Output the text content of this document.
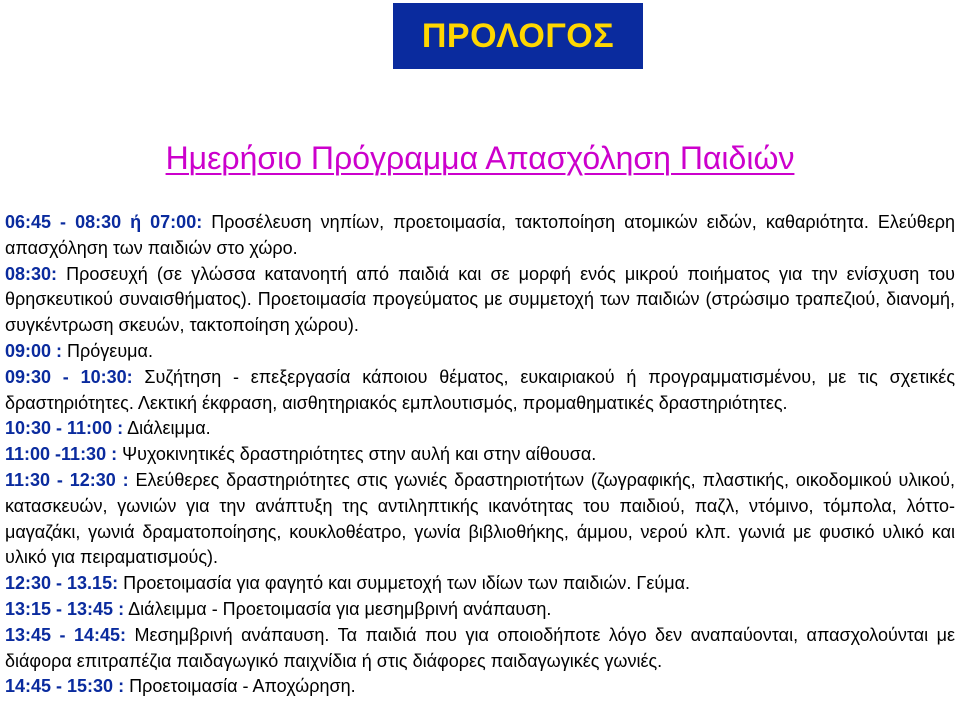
ΠΡΟΛΟΓΟΣ
Ημερήσιο Πρόγραμμα Απασχόληση Παιδιών

06:45 - 08:30 ή 07:00: Προσέλευση νηπίων, προετοιμασία, τακτοποίηση ατομικών ειδών, καθαριότητα. Ελεύθερη απασχόληση των παιδιών στο χώρο.

08:30: Προσευχή (σε γλώσσα κατανοητή από παιδιά και σε μορφή ενός μικρού ποιήματος για την ενίσχυση του θρησκευτικού συναισθήματος). Προετοιμασία προγεύματος με συμμετοχή των παιδιών (στρώσιμο τραπεζιού, διανομή, συγκέντρωση σκευών, τακτοποίηση χώρου).

09:00 : Πρόγευμα.

09:30 - 10:30: Συζήτηση - επεξεργασία κάποιου θέματος, ευκαιριακού ή προγραμματισμένου, με τις σχετικές δραστηριότητες. Λεκτική έκφραση, αισθητηριακός εμπλουτισμός, προμαθηματικές δραστηριότητες.

10:30 - 11:00 : Διάλειμμα.

11:00 -11:30 : Ψυχοκινητικές δραστηριότητες στην αυλή και στην αίθουσα.

11:30 - 12:30 : Ελεύθερες δραστηριότητες στις γωνιές δραστηριοτήτων (ζωγραφικής, πλαστικής, οικοδομικού υλικού, κατασκευών, γωνιών για την ανάπτυξη της αντιληπτικής ικανότητας του παιδιού, παζλ, ντόμινο, τόμπολα, λόττο-μαγαζάκι, γωνιά δραματοποίησης, κουκλοθέατρο, γωνία βιβλιοθήκης, άμμου, νερού κλπ. γωνιά με φυσικό υλικό και υλικό για πειραματισμούς).

12:30 - 13.15: Προετοιμασία για φαγητό και συμμετοχή των ιδίων των παιδιών. Γεύμα.

13:15 - 13:45 : Διάλειμμα - Προετοιμασία για μεσημβρινή ανάπαυση.

13:45 - 14:45: Μεσημβρινή ανάπαυση. Τα παιδιά που για οποιοδήποτε λόγο δεν αναπαύονται, απασχολούνται με διάφορα επιτραπέζια παιδαγωγικό παιχνίδια ή στις διάφορες παιδαγωγικές γωνιές.

14:45 - 15:30 : Προετοιμασία - Αποχώρηση.
